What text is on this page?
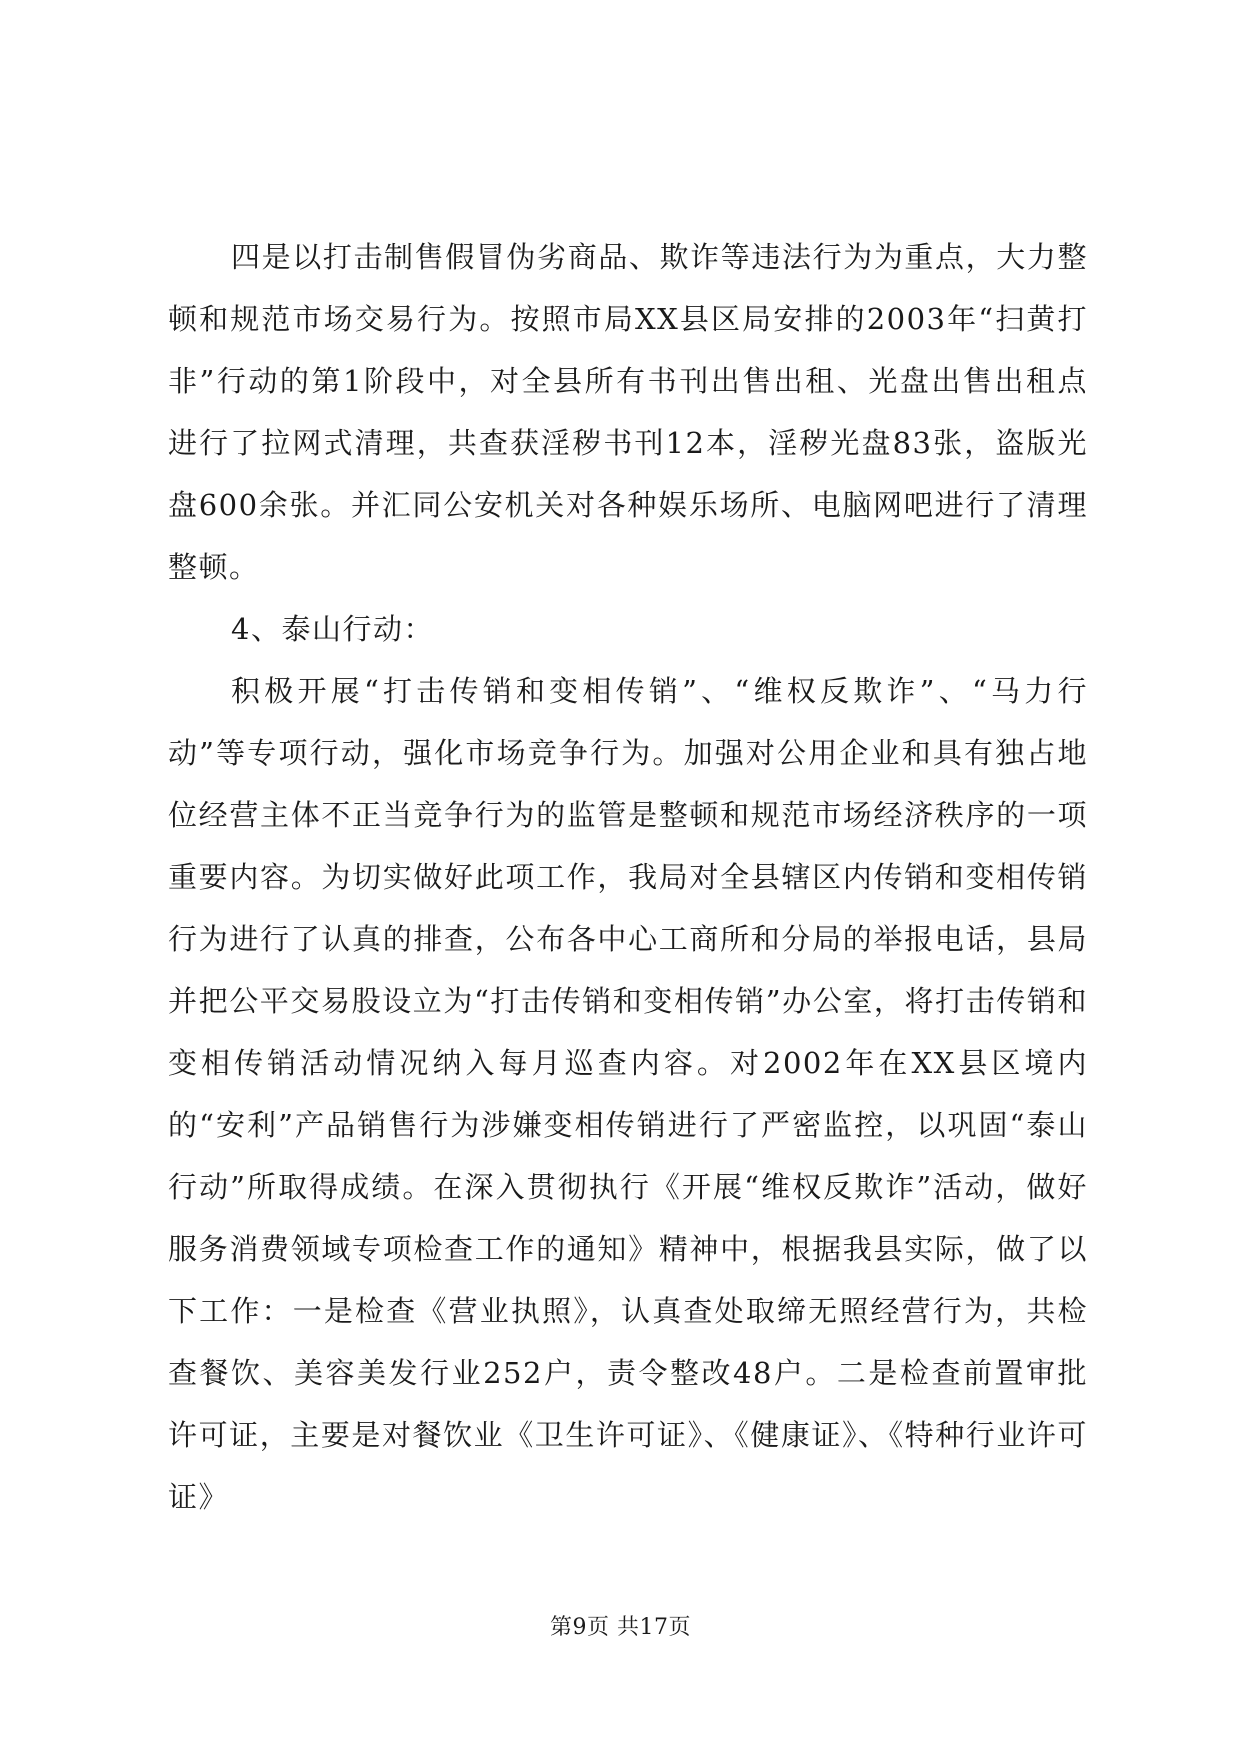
四是以打击制售假冒伪劣商品、欺诈等违法行为为重点，大力整顿和规范市场交易行为。按照市局XX县区局安排的2003年“扫黄打非”行动的第1阶段中，对全县所有书刊出售出租、光盘出售出租点进行了拉网式清理，共查获淫秽书刊12本，淫秽光盘83张，盗版光盘600余张。并汇同公安机关对各种娱乐场所、电脑网吧进行了清理整顿。

4、泰山行动：

积极开展“打击传销和变相传销”、“维权反欺诈”、“马力行动”等专项行动，强化市场竞争行为。加强对公用企业和具有独占地位经营主体不正当竞争行为的监管是整顿和规范市场经济秩序的一项重要内容。为切实做好此项工作，我局对全县辖区内传销和变相传销行为进行了认真的排查，公布各中心工商所和分局的举报电话，县局并把公平交易股设立为“打击传销和变相传销”办公室，将打击传销和变相传销活动情况纳入每月巡查内容。对2002年在XX县区境内的“安利”产品销售行为涉嫌变相传销进行了严密监控，以巩固“泰山行动”所取得成绩。在深入贯彻执行《开展“维权反欺诈”活动，做好服务消费领域专项检查工作的通知》精神中，根据我县实际，做了以下工作：一是检查《营业执照》，认真查处取缔无照经营行为，共检查餐饮、美容美发行业252户，责令整改48户。二是检查前置审批许可证，主要是对餐饮业《卫生许可证》、《健康证》、《特种行业许可证》

第9页 共17页
